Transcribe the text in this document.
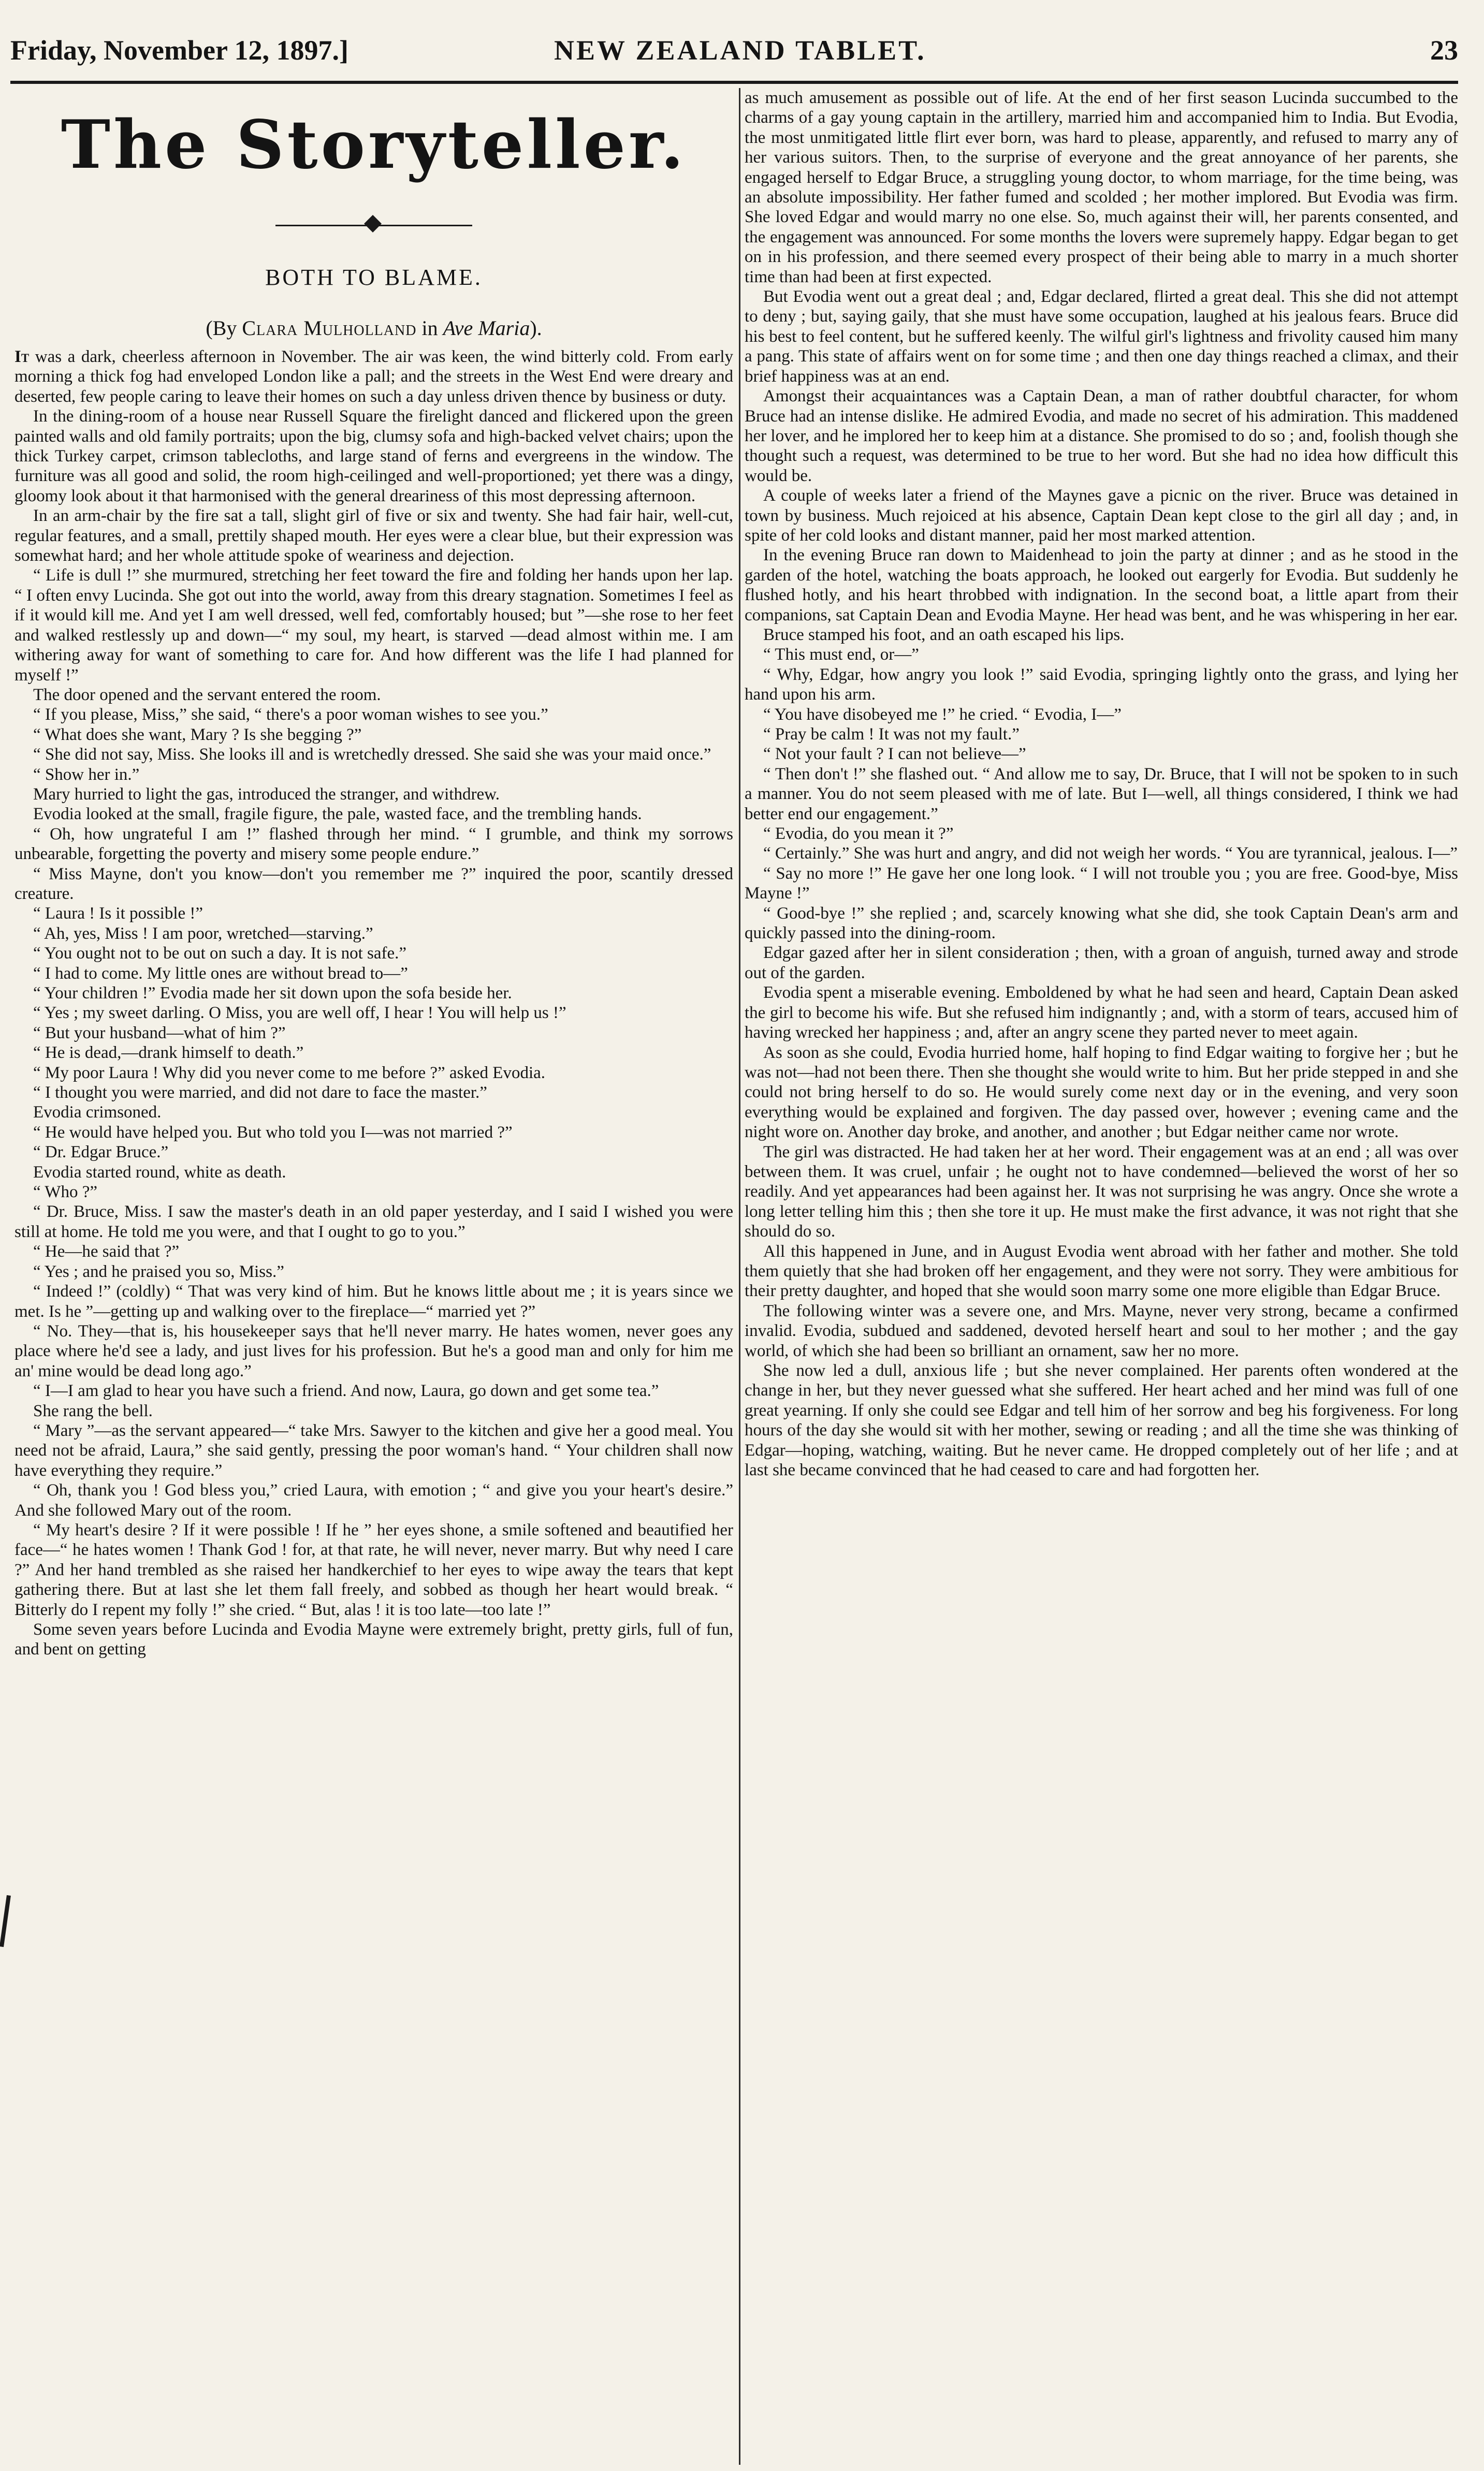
Friday, November 12, 1897.]	NEW ZEALAND TABLET.	23
The Storyteller.
BOTH TO BLAME.
(By Clara Mulholland in Ave Maria).

It was a dark, cheerless afternoon in November. The air was keen, the wind bitterly cold. From early morning a thick fog had enveloped London like a pall; and the streets in the West End were dreary and deserted, few people caring to leave their homes on such a day unless driven thence by business or duty.

In the dining-room of a house near Russell Square the firelight danced and flickered upon the green painted walls and old family portraits; upon the big, clumsy sofa and high-backed velvet chairs; upon the thick Turkey carpet, crimson tablecloths, and large stand of ferns and evergreens in the window. The furniture was all good and solid, the room high-ceilinged and well-proportioned; yet there was a dingy, gloomy look about it that harmonised with the general dreariness of this most depressing afternoon.

In an arm-chair by the fire sat a tall, slight girl of five or six and twenty. She had fair hair, well-cut, regular features, and a small, prettily shaped mouth. Her eyes were a clear blue, but their expression was somewhat hard; and her whole attitude spoke of weariness and dejection.

“ Life is dull !” she murmured, stretching her feet toward the fire and folding her hands upon her lap. “ I often envy Lucinda. She got out into the world, away from this dreary stagnation. Sometimes I feel as if it would kill me. And yet I am well dressed, well fed, comfortably housed; but ”—she rose to her feet and walked restlessly up and down—“ my soul, my heart, is starved —dead almost within me. I am withering away for want of something to care for. And how different was the life I had planned for myself !”

The door opened and the servant entered the room.

“ If you please, Miss,” she said, “ there's a poor woman wishes to see you.”

“ What does she want, Mary ? Is she begging ?”

“ She did not say, Miss. She looks ill and is wretchedly dressed. She said she was your maid once.”

“ Show her in.”

Mary hurried to light the gas, introduced the stranger, and withdrew.

Evodia looked at the small, fragile figure, the pale, wasted face, and the trembling hands.

“ Oh, how ungrateful I am !” flashed through her mind. “ I grumble, and think my sorrows unbearable, forgetting the poverty and misery some people endure.”

“ Miss Mayne, don't you know—don't you remember me ?” inquired the poor, scantily dressed creature.

“ Laura ! Is it possible !”

“ Ah, yes, Miss ! I am poor, wretched—starving.”

“ You ought not to be out on such a day. It is not safe.”

“ I had to come. My little ones are without bread to—”

“ Your children !” Evodia made her sit down upon the sofa beside her.

“ Yes ; my sweet darling. O Miss, you are well off, I hear ! You will help us !”

“ But your husband—what of him ?”

“ He is dead,—drank himself to death.”

“ My poor Laura ! Why did you never come to me before ?” asked Evodia.

“ I thought you were married, and did not dare to face the master.”

Evodia crimsoned.

“ He would have helped you. But who told you I—was not married ?”

“ Dr. Edgar Bruce.”

Evodia started round, white as death.

“ Who ?”

“ Dr. Bruce, Miss. I saw the master's death in an old paper yesterday, and I said I wished you were still at home. He told me you were, and that I ought to go to you.”

“ He—he said that ?”

“ Yes ; and he praised you so, Miss.”

“ Indeed !” (coldly) “ That was very kind of him. But he knows little about me ; it is years since we met. Is he ”—getting up and walking over to the fireplace—“ married yet ?”

“ No. They—that is, his housekeeper says that he'll never marry. He hates women, never goes any place where he'd see a lady, and just lives for his profession. But he's a good man and only for him me an' mine would be dead long ago.”

“ I—I am glad to hear you have such a friend. And now, Laura, go down and get some tea.”

She rang the bell.

“ Mary ”—as the servant appeared—“ take Mrs. Sawyer to the kitchen and give her a good meal. You need not be afraid, Laura,” she said gently, pressing the poor woman's hand. “ Your children shall now have everything they require.”

“ Oh, thank you ! God bless you,” cried Laura, with emotion ; “ and give you your heart's desire.” And she followed Mary out of the room.

“ My heart's desire ? If it were possible ! If he ” her eyes shone, a smile softened and beautified her face—“ he hates women ! Thank God ! for, at that rate, he will never, never marry. But why need I care ?” And her hand trembled as she raised her handkerchief to her eyes to wipe away the tears that kept gathering there. But at last she let them fall freely, and sobbed as though her heart would break. “ Bitterly do I repent my folly !” she cried. “ But, alas ! it is too late—too late !”

Some seven years before Lucinda and Evodia Mayne were extremely bright, pretty girls, full of fun, and bent on getting

as much amusement as possible out of life. At the end of her first season Lucinda succumbed to the charms of a gay young captain in the artillery, married him and accompanied him to India. But Evodia, the most unmitigated little flirt ever born, was hard to please, apparently, and refused to marry any of her various suitors. Then, to the surprise of everyone and the great annoyance of her parents, she engaged herself to Edgar Bruce, a struggling young doctor, to whom marriage, for the time being, was an absolute impossibility. Her father fumed and scolded ; her mother implored. But Evodia was firm. She loved Edgar and would marry no one else. So, much against their will, her parents consented, and the engagement was announced. For some months the lovers were supremely happy. Edgar began to get on in his profession, and there seemed every prospect of their being able to marry in a much shorter time than had been at first expected.

But Evodia went out a great deal ; and, Edgar declared, flirted a great deal. This she did not attempt to deny ; but, saying gaily, that she must have some occupation, laughed at his jealous fears. Bruce did his best to feel content, but he suffered keenly. The wilful girl's lightness and frivolity caused him many a pang. This state of affairs went on for some time ; and then one day things reached a climax, and their brief happiness was at an end.

Amongst their acquaintances was a Captain Dean, a man of rather doubtful character, for whom Bruce had an intense dislike. He admired Evodia, and made no secret of his admiration. This maddened her lover, and he implored her to keep him at a distance. She promised to do so ; and, foolish though she thought such a request, was determined to be true to her word. But she had no idea how difficult this would be.

A couple of weeks later a friend of the Maynes gave a picnic on the river. Bruce was detained in town by business. Much rejoiced at his absence, Captain Dean kept close to the girl all day ; and, in spite of her cold looks and distant manner, paid her most marked attention.

In the evening Bruce ran down to Maidenhead to join the party at dinner ; and as he stood in the garden of the hotel, watching the boats approach, he looked out eargerly for Evodia. But suddenly he flushed hotly, and his heart throbbed with indignation. In the second boat, a little apart from their companions, sat Captain Dean and Evodia Mayne. Her head was bent, and he was whispering in her ear.

Bruce stamped his foot, and an oath escaped his lips.

“ This must end, or—”

“ Why, Edgar, how angry you look !” said Evodia, springing lightly onto the grass, and lying her hand upon his arm.

“ You have disobeyed me !” he cried. “ Evodia, I—”

“ Pray be calm ! It was not my fault.”

“ Not your fault ? I can not believe—”

“ Then don't !” she flashed out. “ And allow me to say, Dr. Bruce, that I will not be spoken to in such a manner. You do not seem pleased with me of late. But I—well, all things considered, I think we had better end our engagement.”

“ Evodia, do you mean it ?”

“ Certainly.” She was hurt and angry, and did not weigh her words. “ You are tyrannical, jealous. I—”

“ Say no more !” He gave her one long look. “ I will not trouble you ; you are free. Good-bye, Miss Mayne !”

“ Good-bye !” she replied ; and, scarcely knowing what she did, she took Captain Dean's arm and quickly passed into the dining-room.

Edgar gazed after her in silent consideration ; then, with a groan of anguish, turned away and strode out of the garden.

Evodia spent a miserable evening. Emboldened by what he had seen and heard, Captain Dean asked the girl to become his wife. But she refused him indignantly ; and, with a storm of tears, accused him of having wrecked her happiness ; and, after an angry scene they parted never to meet again.

As soon as she could, Evodia hurried home, half hoping to find Edgar waiting to forgive her ; but he was not—had not been there. Then she thought she would write to him. But her pride stepped in and she could not bring herself to do so. He would surely come next day or in the evening, and very soon everything would be explained and forgiven. The day passed over, however ; evening came and the night wore on. Another day broke, and another, and another ; but Edgar neither came nor wrote.

The girl was distracted. He had taken her at her word. Their engagement was at an end ; all was over between them. It was cruel, unfair ; he ought not to have condemned—believed the worst of her so readily. And yet appearances had been against her. It was not surprising he was angry. Once she wrote a long letter telling him this ; then she tore it up. He must make the first advance, it was not right that she should do so.

All this happened in June, and in August Evodia went abroad with her father and mother. She told them quietly that she had broken off her engagement, and they were not sorry. They were ambitious for their pretty daughter, and hoped that she would soon marry some one more eligible than Edgar Bruce.

The following winter was a severe one, and Mrs. Mayne, never very strong, became a confirmed invalid. Evodia, subdued and saddened, devoted herself heart and soul to her mother ; and the gay world, of which she had been so brilliant an ornament, saw her no more.

She now led a dull, anxious life ; but she never complained. Her parents often wondered at the change in her, but they never guessed what she suffered. Her heart ached and her mind was full of one great yearning. If only she could see Edgar and tell him of her sorrow and beg his forgiveness. For long hours of the day she would sit with her mother, sewing or reading ; and all the time she was thinking of Edgar—hoping, watching, waiting. But he never came. He dropped completely out of her life ; and at last she became convinced that he had ceased to care and had forgotten her.
